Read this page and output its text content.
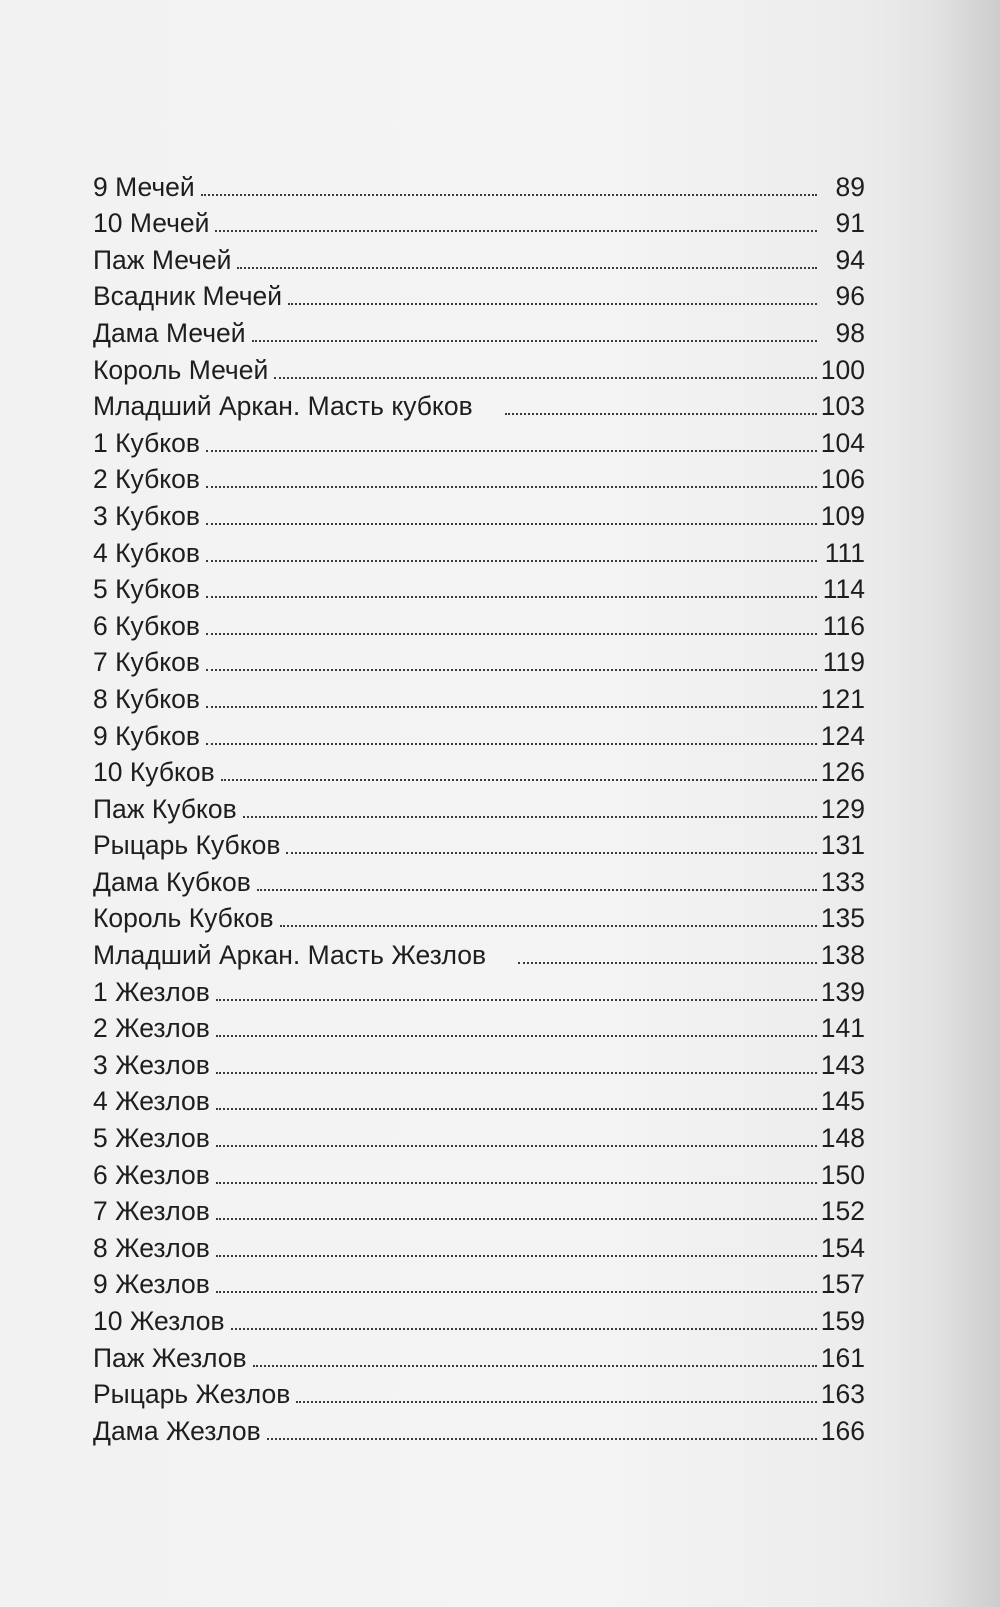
9 Мечей	89
10 Мечей	91
Паж Мечей	94
Всадник Мечей	96
Дама Мечей	98
Король Мечей	100
Младший Аркан. Масть кубков	103
1 Кубков	104
2 Кубков	106
3 Кубков	109
4 Кубков	111
5 Кубков	114
6 Кубков	116
7 Кубков	119
8 Кубков	121
9 Кубков	124
10 Кубков	126
Паж Кубков	129
Рыцарь Кубков	131
Дама Кубков	133
Король Кубков	135
Младший Аркан. Масть Жезлов	138
1 Жезлов	139
2 Жезлов	141
3 Жезлов	143
4 Жезлов	145
5 Жезлов	148
6 Жезлов	150
7 Жезлов	152
8 Жезлов	154
9 Жезлов	157
10 Жезлов	159
Паж Жезлов	161
Рыцарь Жезлов	163
Дама Жезлов	166
